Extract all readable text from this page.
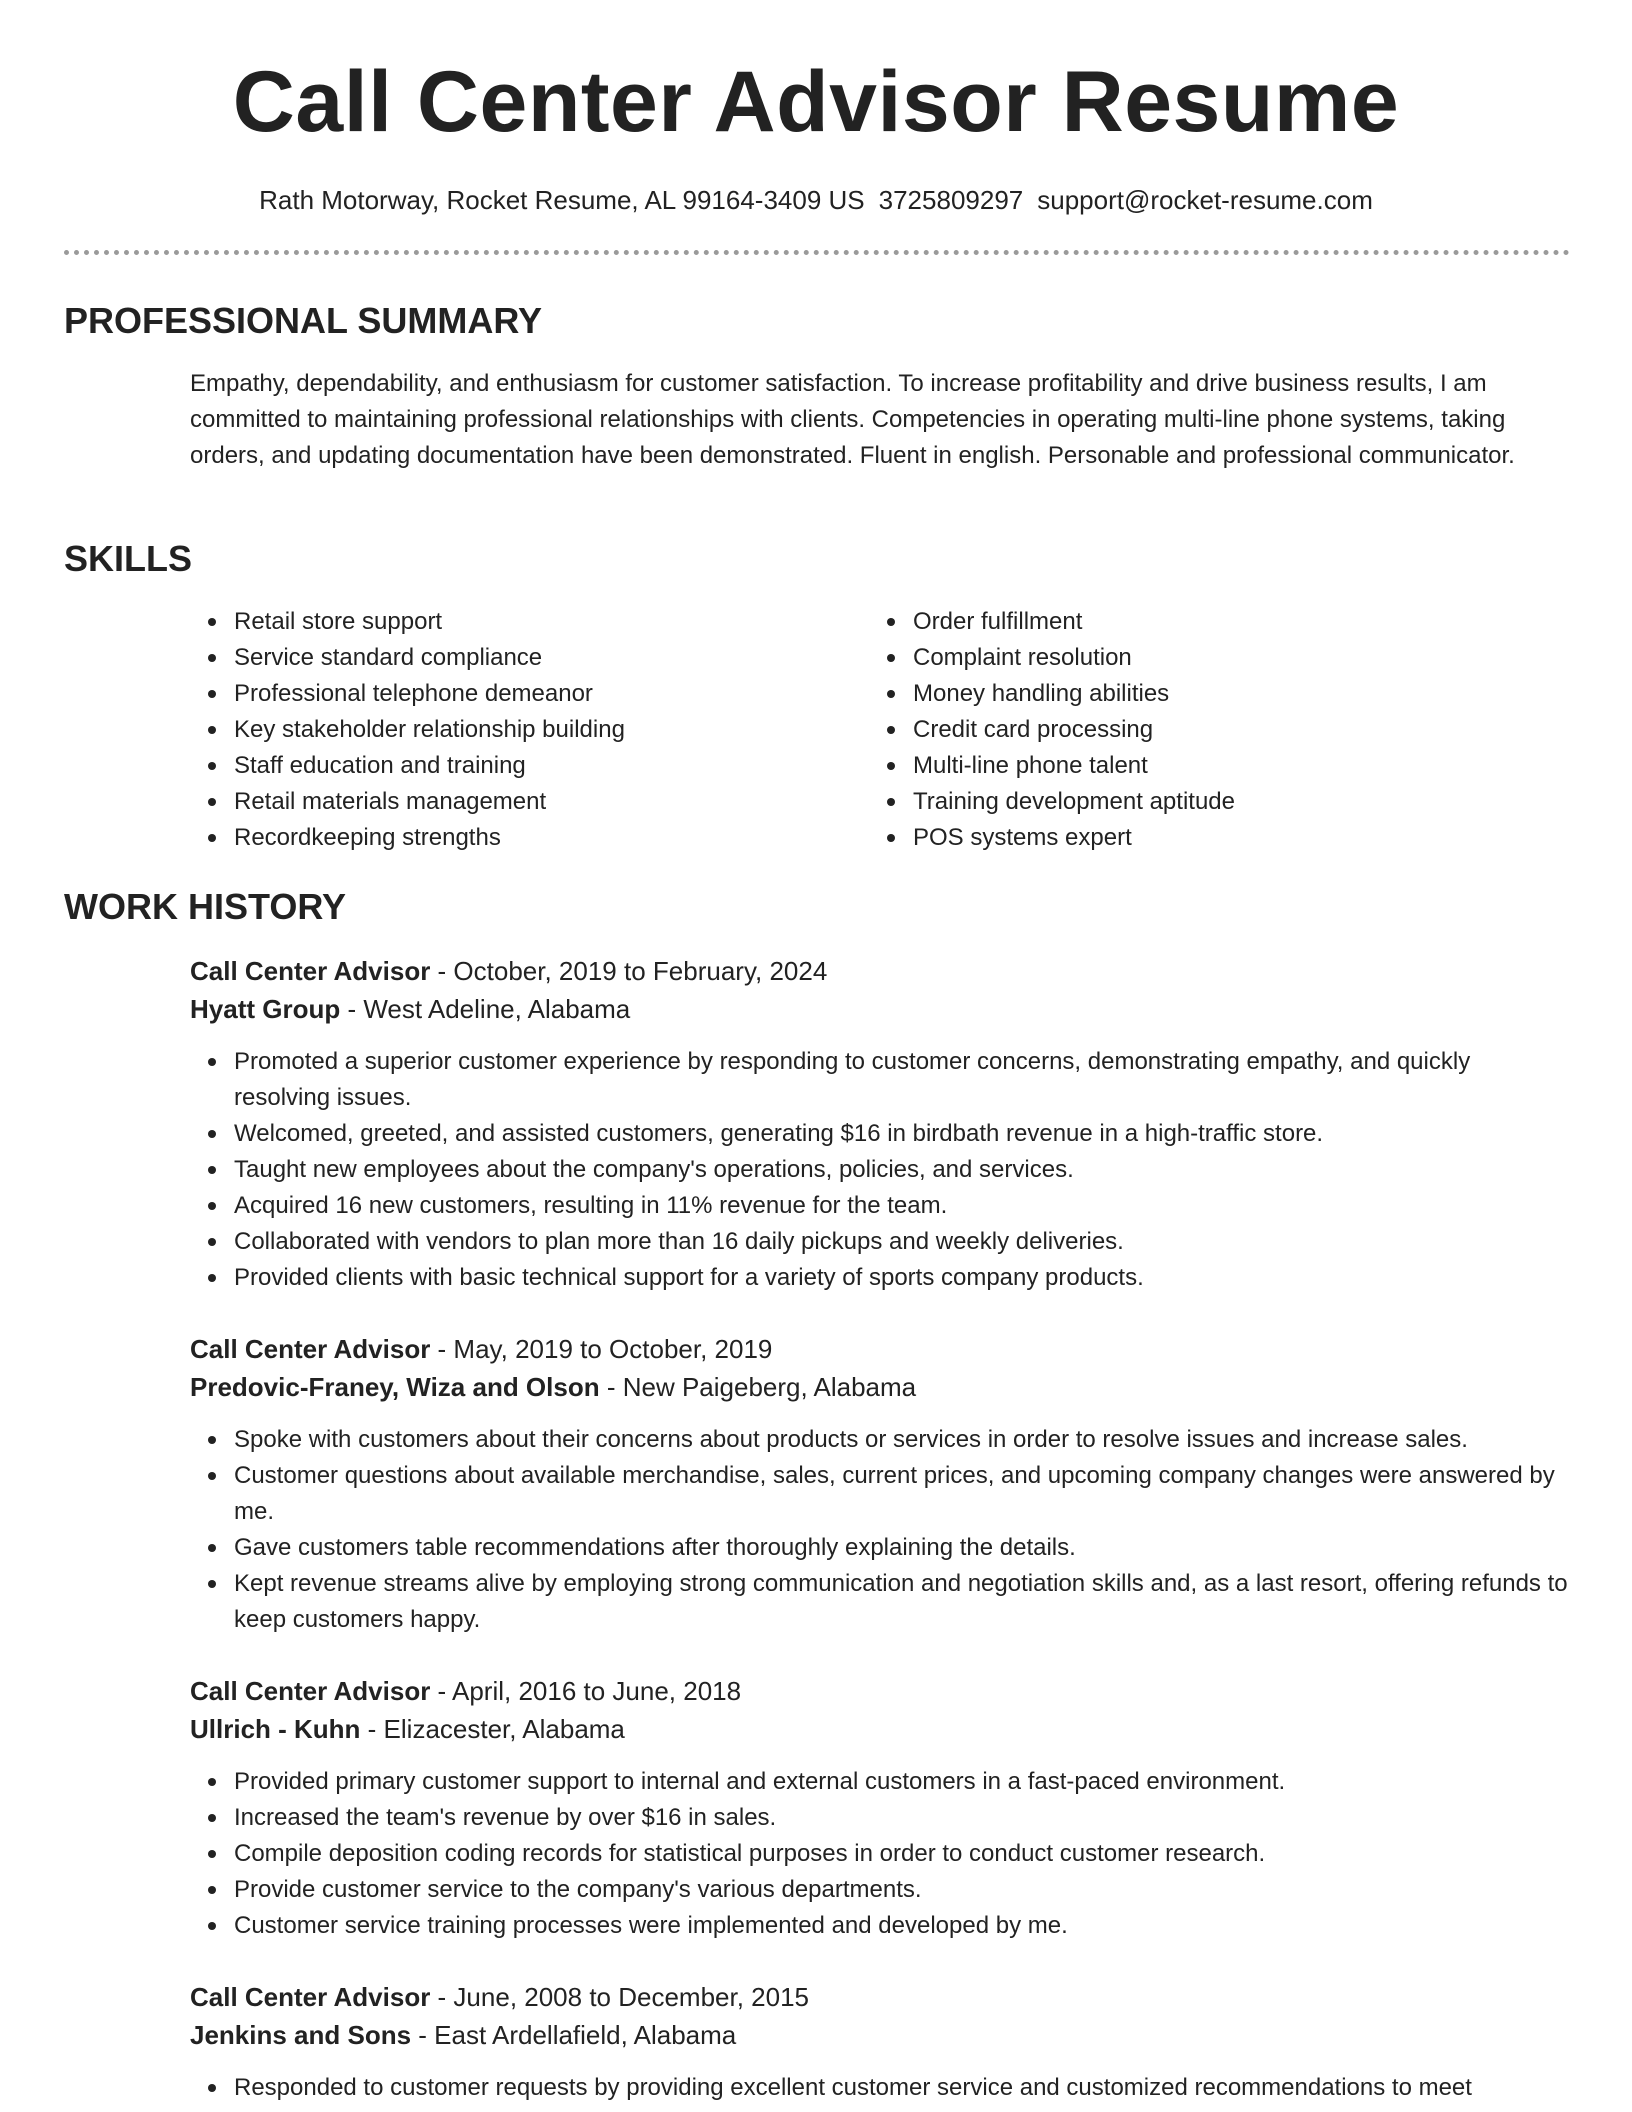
Call Center Advisor Resume
Rath Motorway, Rocket Resume, AL 99164-3409 US 3725809297 support@rocket-resume.com
PROFESSIONAL SUMMARY

Empathy, dependability, and enthusiasm for customer satisfaction. To increase profitability and drive business results, I am committed to maintaining professional relationships with clients. Competencies in operating multi-line phone systems, taking orders, and updating documentation have been demonstrated. Fluent in english. Personable and professional communicator.

SKILLS
Retail store support
Service standard compliance
Professional telephone demeanor
Key stakeholder relationship building
Staff education and training
Retail materials management
Recordkeeping strengths
Order fulfillment
Complaint resolution
Money handling abilities
Credit card processing
Multi-line phone talent
Training development aptitude
POS systems expert
WORK HISTORY
Call Center Advisor - October, 2019 to February, 2024
Hyatt Group - West Adeline, Alabama
Promoted a superior customer experience by responding to customer concerns, demonstrating empathy, and quickly resolving issues.
Welcomed, greeted, and assisted customers, generating $16 in birdbath revenue in a high-traffic store.
Taught new employees about the company's operations, policies, and services.
Acquired 16 new customers, resulting in 11% revenue for the team.
Collaborated with vendors to plan more than 16 daily pickups and weekly deliveries.
Provided clients with basic technical support for a variety of sports company products.
Call Center Advisor - May, 2019 to October, 2019
Predovic-Franey, Wiza and Olson - New Paigeberg, Alabama
Spoke with customers about their concerns about products or services in order to resolve issues and increase sales.
Customer questions about available merchandise, sales, current prices, and upcoming company changes were answered by me.
Gave customers table recommendations after thoroughly explaining the details.
Kept revenue streams alive by employing strong communication and negotiation skills and, as a last resort, offering refunds to keep customers happy.
Call Center Advisor - April, 2016 to June, 2018
Ullrich - Kuhn - Elizacester, Alabama
Provided primary customer support to internal and external customers in a fast-paced environment.
Increased the team's revenue by over $16 in sales.
Compile deposition coding records for statistical purposes in order to conduct customer research.
Provide customer service to the company's various departments.
Customer service training processes were implemented and developed by me.
Call Center Advisor - June, 2008 to December, 2015
Jenkins and Sons - East Ardellafield, Alabama
Responded to customer requests by providing excellent customer service and customized recommendations to meet
